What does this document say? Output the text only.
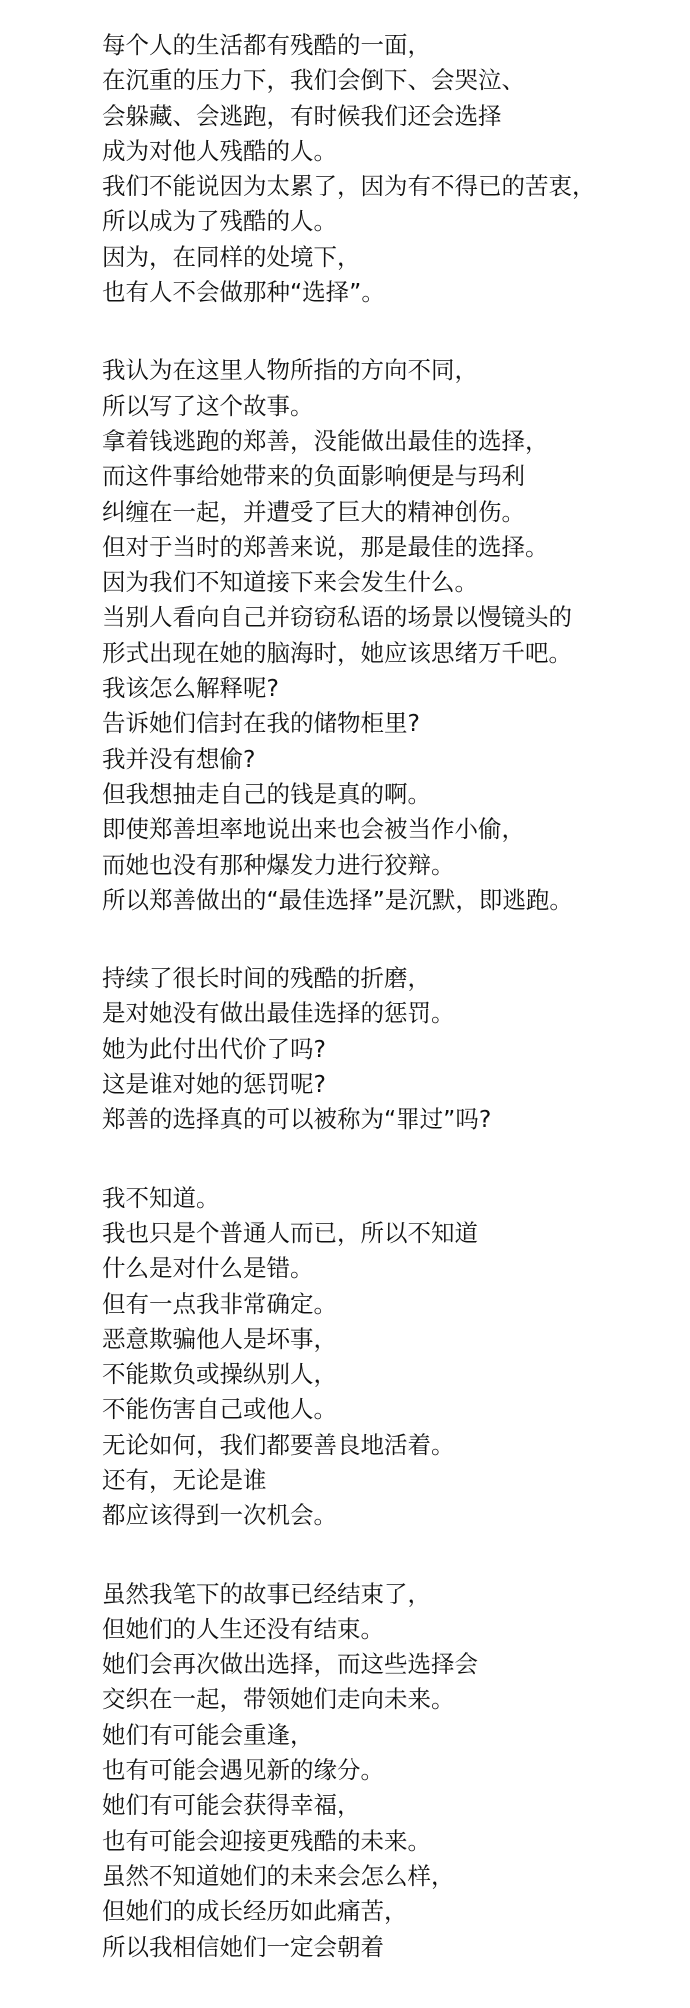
每个人的生活都有残酷的一面，
在沉重的压力下，我们会倒下、会哭泣、
会躲藏、会逃跑，有时候我们还会选择
成为对他人残酷的人。
我们不能说因为太累了，因为有不得已的苦衷，
所以成为了残酷的人。
因为，在同样的处境下，
也有人不会做那种“选择”。
我认为在这里人物所指的方向不同，
所以写了这个故事。
拿着钱逃跑的郑善，没能做出最佳的选择，
而这件事给她带来的负面影响便是与玛利
纠缠在一起，并遭受了巨大的精神创伤。
但对于当时的郑善来说，那是最佳的选择。
因为我们不知道接下来会发生什么。
当别人看向自己并窃窃私语的场景以慢镜头的
形式出现在她的脑海时，她应该思绪万千吧。
我该怎么解释呢?
告诉她们信封在我的储物柜里?
我并没有想偷?
但我想抽走自己的钱是真的啊。
即使郑善坦率地说出来也会被当作小偷，
而她也没有那种爆发力进行狡辩。
所以郑善做出的“最佳选择”是沉默，即逃跑。
持续了很长时间的残酷的折磨，
是对她没有做出最佳选择的惩罚。
她为此付出代价了吗?
这是谁对她的惩罚呢?
郑善的选择真的可以被称为“罪过”吗?
我不知道。
我也只是个普通人而已，所以不知道
什么是对什么是错。
但有一点我非常确定。
恶意欺骗他人是坏事，
不能欺负或操纵别人，
不能伤害自己或他人。
无论如何，我们都要善良地活着。
还有，无论是谁
都应该得到一次机会。
虽然我笔下的故事已经结束了，
但她们的人生还没有结束。
她们会再次做出选择，而这些选择会
交织在一起，带领她们走向未来。
她们有可能会重逢，
也有可能会遇见新的缘分。
她们有可能会获得幸福，
也有可能会迎接更残酷的未来。
虽然不知道她们的未来会怎么样，
但她们的成长经历如此痛苦，
所以我相信她们一定会朝着
